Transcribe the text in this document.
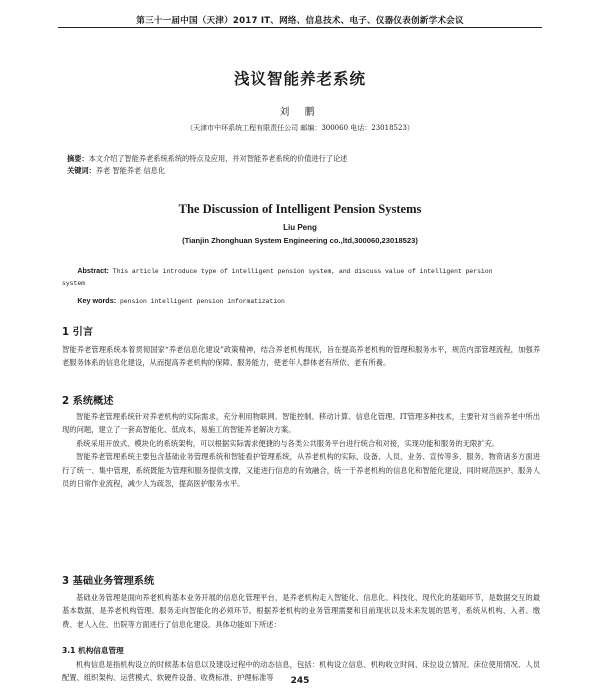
第三十一届中国（天津）2017 IT、网络、信息技术、电子、仪器仪表创新学术会议
浅议智能养老系统
刘 鹏
（天津市中环系统工程有限责任公司 邮编：300060 电话：23018523）
摘要：本文介绍了智能养老系统系统的特点及应用，并对智能养老系统的价值进行了论述
关键词：养老 智能养老 信息化
The Discussion of Intelligent Pension Systems
Liu Peng
(Tianjin Zhonghuan System Engineering co.,ltd,300060,23018523)
Abstract: This article introduce type of intelligent pension system, and discuss value of intelligent persion
system
Key words: pension intelligent pension informatization
1 引言

智能养老管理系统本着贯彻国家“养老信息化建设”政策精神，结合养老机构现状，旨在提高养老机构的管理和服务水平，规范内部管理流程，加强养老服务体系的信息化建设，从而提高养老机构的保障、服务能力，使老年人群体老有所依、老有所養。

2 系统概述

智能养老管理系统针对养老机构的实际需求，充分利用物联网、智能控制、移动计算、信息化管理、IT管理多种技术，主要针对当前养老中所出现的问题，建立了一套高智能化、低成本，易施工的智能养老解决方案。

系统采用开放式、模块化的系统架构，可以根据实际需求便捷的与各类公共服务平台进行统合和对接，实现功能和服务的无限扩充。

智能养老管理系统主要包含基础业务管理系统和智能看护管理系统，从养老机构的实际，设备、人员、业务、宣传等多、服务、物资诸多方面进行了统一、集中管理，系统既能为管理和服务提供支撑，又能进行信息的有效融合，统一于养老机构的信息化和智能化建设，同时规范医护、服务人员的日常作业流程，减少人为疏忽，提高医护服务水平。

3 基础业务管理系统

基础业务管理是面向养老机构基本业务开展的信息化管理平台，是养老机构走入智能化、信息化、科技化、现代化的基础环节，是数据交互的最基本数据，是养老机构管理、服务走向智能化的必须环节。根据养老机构的业务管理需要和目前现状以及未来发展的思考，系统从机构、入者、缴费、老人入住、出院等方面进行了信息化建设。具体功能如下所述：

3.1 机构信息管理

机构信息是指机构设立的时候基本信息以及建设过程中的动态信息，包括：机构设立信息、机构收立时间、床位设立情况、床位使用情况、人员配置、组织架构、运营模式、软硬件设备、收费标准、护理标准等	245
